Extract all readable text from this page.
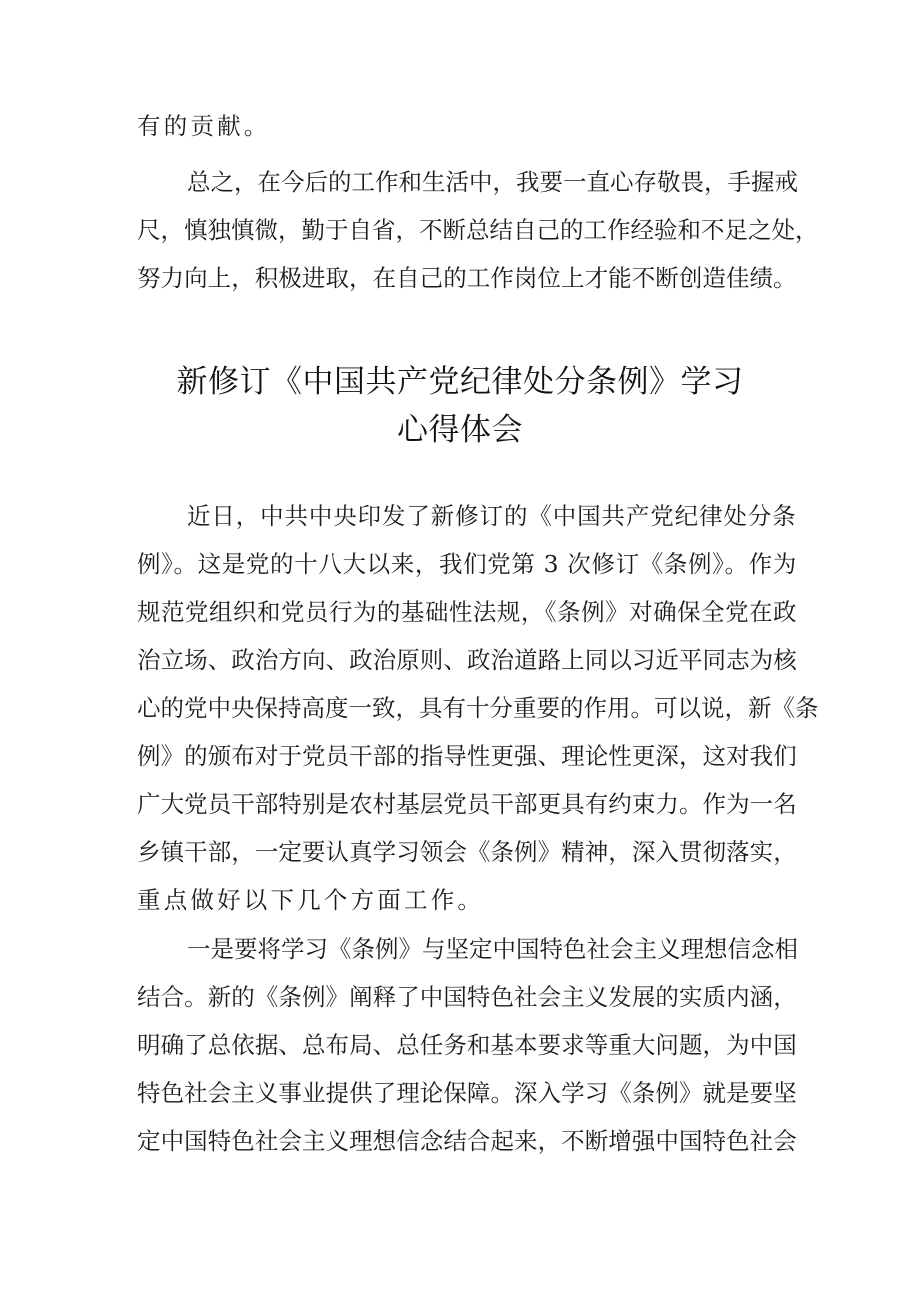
有的贡献。
总之，在今后的工作和生活中，我要一直心存敬畏，手握戒
尺，慎独慎微，勤于自省，不断总结自己的工作经验和不足之处，
努力向上，积极进取，在自己的工作岗位上才能不断创造佳绩。
新修订《中国共产党纪律处分条例》学习
心得体会
近日，中共中央印发了新修订的《中国共产党纪律处分条
例》。这是党的十八大以来，我们党第 3 次修订《条例》。作为
规范党组织和党员行为的基础性法规，《条例》对确保全党在政
治立场、政治方向、政治原则、政治道路上同以习近平同志为核
心的党中央保持高度一致，具有十分重要的作用。可以说，新《条
例》的颁布对于党员干部的指导性更强、理论性更深，这对我们
广大党员干部特别是农村基层党员干部更具有约束力。作为一名
乡镇干部，一定要认真学习领会《条例》精神，深入贯彻落实，
重点做好以下几个方面工作。
一是要将学习《条例》与坚定中国特色社会主义理想信念相
结合。新的《条例》阐释了中国特色社会主义发展的实质内涵，
明确了总依据、总布局、总任务和基本要求等重大问题，为中国
特色社会主义事业提供了理论保障。深入学习《条例》就是要坚
定中国特色社会主义理想信念结合起来，不断增强中国特色社会
